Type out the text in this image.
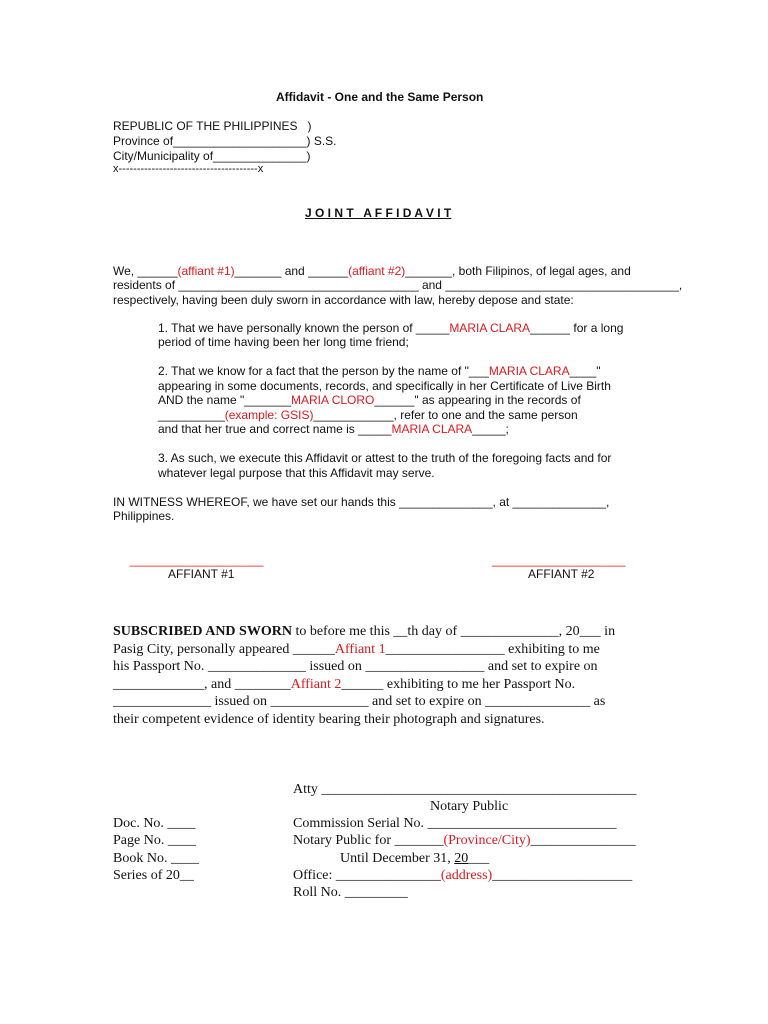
Affidavit - One and the Same Person
REPUBLIC OF THE PHILIPPINES   )
Province of____________________) S.S.
City/Municipality of______________)
x--------------------------------------x
J O I N T   A F F I D A V I T
We, ______(affiant #1)_______ and ______(affiant #2)_______, both Filipinos, of legal ages, and
residents of ____________________________________ and ___________________________________,
respectively, having been duly sworn in accordance with law, hereby depose and state:
1. That we have personally known the person of _____MARIA CLARA______ for a long
period of time having been her long time friend;
2. That we know for a fact that the person by the name of "___MARIA CLARA____"
appearing in some documents, records, and specifically in her Certificate of Live Birth
AND the name "_______MARIA CLORO______" as appearing in the records of
__________(example: GSIS)____________, refer to one and the same person
and that her true and correct name is _____MARIA CLARA_____;
3. As such, we execute this Affidavit or attest to the truth of the foregoing facts and for
whatever legal purpose that this Affidavit may serve.
IN WITNESS WHEREOF, we have set our hands this ______________, at ______________,
Philippines.
____________________	____________________
AFFIANT #1	AFFIANT #2
SUBSCRIBED AND SWORN to before me this __th day of ______________, 20___ in
Pasig City, personally appeared ______Affiant 1_________________ exhibiting to me
his Passport No. ______________ issued on _________________ and set to expire on
_____________, and ________Affiant 2______ exhibiting to me her Passport No.
______________ issued on ______________ and set to expire on _______________ as
their competent evidence of identity bearing their photograph and signatures.
Atty _____________________________________________
Notary Public
Commission Serial No. ___________________________
Notary Public for _______(Province/City)_______________
Until December 31, 20___
Office: _______________(address)____________________
Roll No. _________
Doc. No. ____
Page No. ____
Book No. ____
Series of 20__
